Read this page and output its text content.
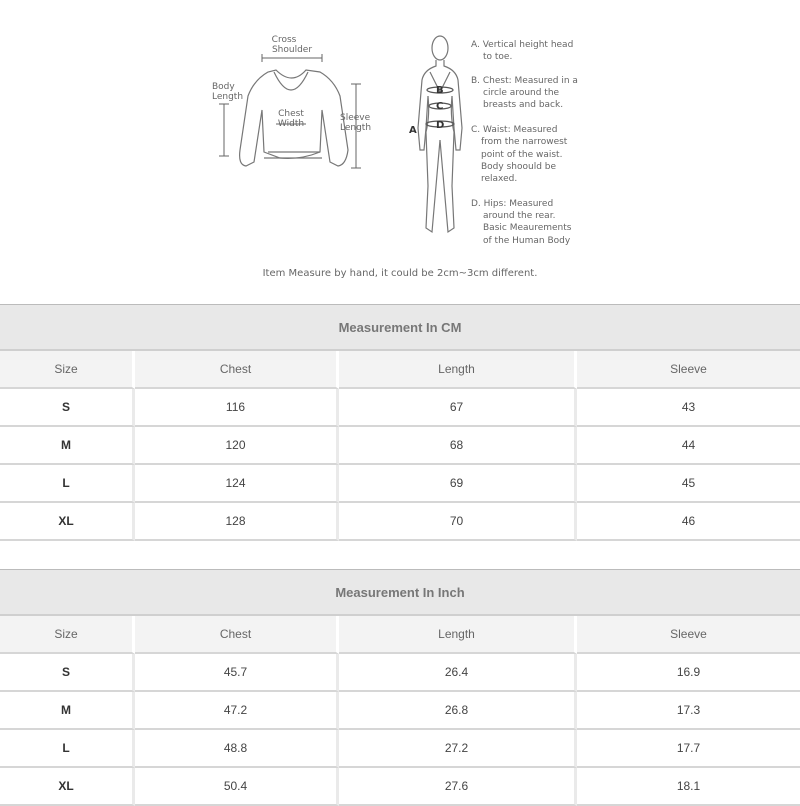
Cross
Shoulder
Body
Length
Chest
Width
Sleeve
Length	A
B
C
D
A. Vertical height head
to toe.
B. Chest: Measured in a
circle around the
breasts and back.
C. Waist: Measured
from the narrowest
point of the waist.
Body shoould be
relaxed.
D. Hips: Measured
around the rear.
Basic Meaurements
of the Human Body
Item Measure by hand, it could be 2cm~3cm different.
Measurement In CM			
Size	Chest	Length	Sleeve
S	116	67	43
M	120	68	44
L	124	69	45
XL	128	70	46
Measurement In Inch			
Size	Chest	Length	Sleeve
S	45.7	26.4	16.9
M	47.2	26.8	17.3
L	48.8	27.2	17.7
XL	50.4	27.6	18.1
